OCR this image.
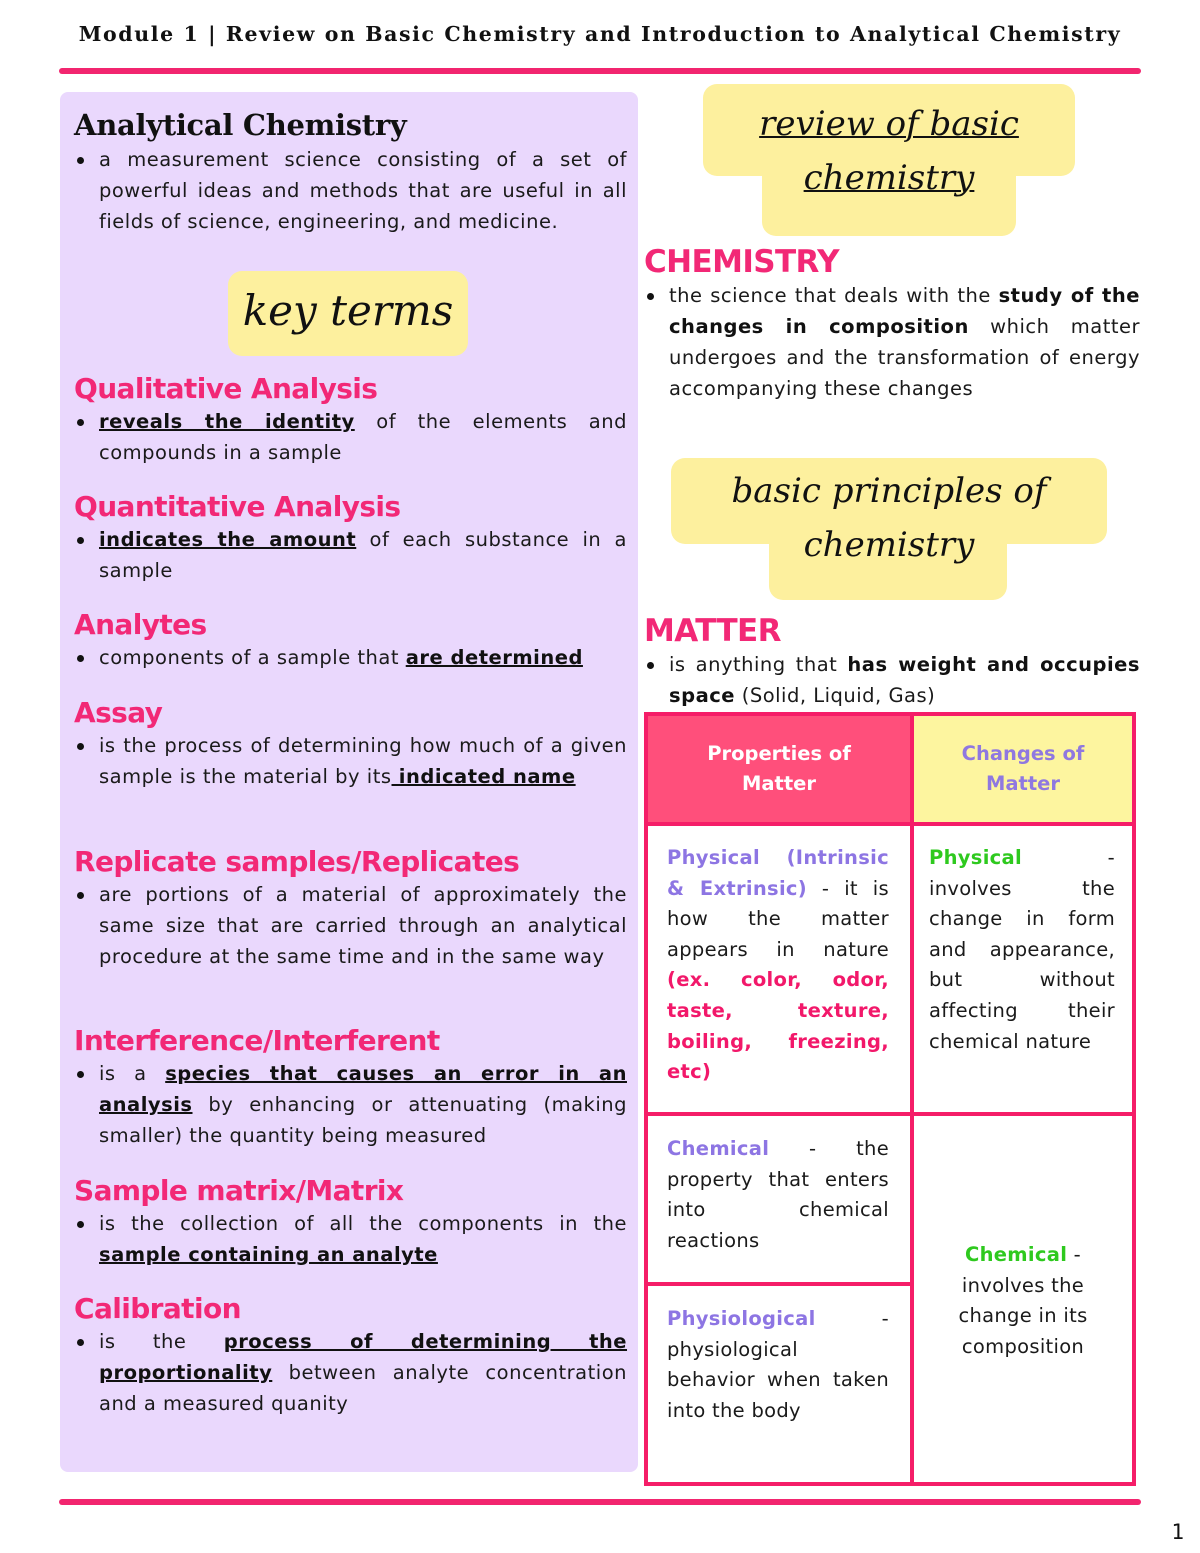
Module 1 | Review on Basic Chemistry and Introduction to Analytical Chemistry
Analytical Chemistry

a measurement science consisting of a set of powerful ideas and methods that are useful in all fields of science, engineering, and medicine.

key terms
Qualitative Analysis

reveals the identity of the elements and compounds in a sample

Quantitative Analysis

indicates the amount of each substance in a sample

Analytes

components of a sample that are determined

Assay

is the process of determining how much of a given sample is the material by its indicated name

Replicate samples/Replicates

are portions of a material of approximately the same size that are carried through an analytical procedure at the same time and in the same way

Interference/Interferent

is a species that causes an error in an analysis by enhancing or attenuating (making smaller) the quantity being measured

Sample matrix/Matrix

is the collection of all the components in the sample containing an analyte

Calibration

is the process of determining the proportionality between analyte concentration and a measured quanity

review of basic
chemistry
CHEMISTRY

the science that deals with the study of the changes in composition which matter undergoes and the transformation of energy accompanying these changes

basic principles of
chemistry
MATTER

is anything that has weight and occupies space (Solid, Liquid, Gas)

Properties of Matter
Changes of Matter
Physical (Intrinsic & Extrinsic) - it is how the matter appears in nature (ex. color, odor, taste, texture, boiling, freezing, etc)
Chemical - the property that enters into chemical reactions
Physiological - physiological behavior when taken into the body
Physical - involves the change in form and appearance, but without affecting their chemical nature
Chemical - involves the change in its composition
1
